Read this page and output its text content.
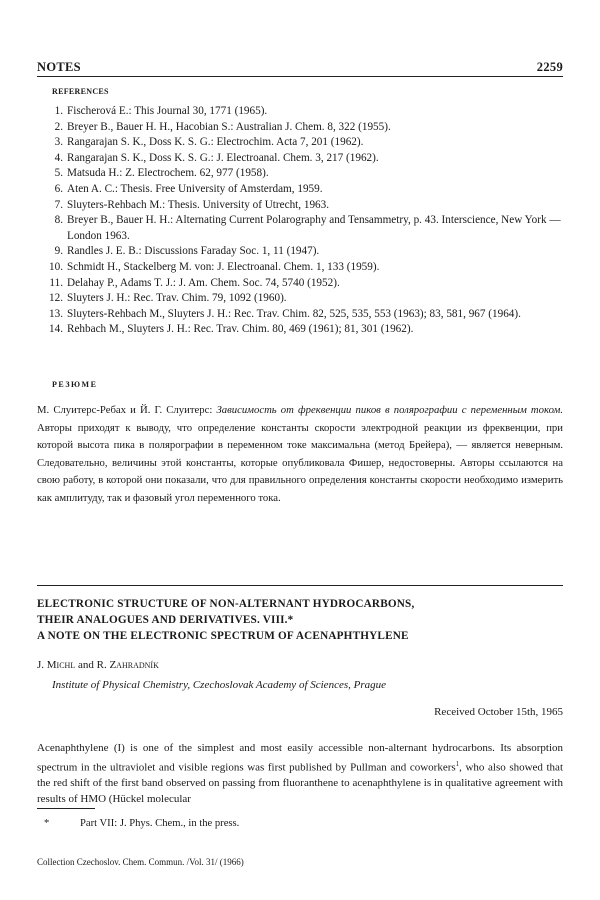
NOTES	2259
REFERENCES
1. Fischerová E.: This Journal 30, 1771 (1965).
2. Breyer B., Bauer H. H., Hacobian S.: Australian J. Chem. 8, 322 (1955).
3. Rangarajan S. K., Doss K. S. G.: Electrochim. Acta 7, 201 (1962).
4. Rangarajan S. K., Doss K. S. G.: J. Electroanal. Chem. 3, 217 (1962).
5. Matsuda H.: Z. Electrochem. 62, 977 (1958).
6. Aten A. C.: Thesis. Free University of Amsterdam, 1959.
7. Sluyters-Rehbach M.: Thesis. University of Utrecht, 1963.
8. Breyer B., Bauer H. H.: Alternating Current Polarography and Tensammetry, p. 43. Interscience, New York — London 1963.
9. Randles J. E. B.: Discussions Faraday Soc. 1, 11 (1947).
10. Schmidt H., Stackelberg M. von: J. Electroanal. Chem. 1, 133 (1959).
11. Delahay P., Adams T. J.: J. Am. Chem. Soc. 74, 5740 (1952).
12. Sluyters J. H.: Rec. Trav. Chim. 79, 1092 (1960).
13. Sluyters-Rehbach M., Sluyters J. H.: Rec. Trav. Chim. 82, 525, 535, 553 (1963); 83, 581, 967 (1964).
14. Rehbach M., Sluyters J. H.: Rec. Trav. Chim. 80, 469 (1961); 81, 301 (1962).
РЕЗЮМЕ

М. Слуитерс-Ребах и Й. Г. Слуитерс: Зависимость от фреквенции пиков в полярографии с переменным током. Авторы приходят к выводу, что определение константы скорости электродной реакции из фреквенции, при которой высота пика в полярографии в переменном токе максимальна (метод Брейера), — является неверным. Следовательно, величины этой константы, которые опубликовала Фишер, недостоверны. Авторы ссылаются на свою работу, в которой они показали, что для правильного определения константы скорости необходимо измерить как амплитуду, так и фазовый угол переменного тока.

ELECTRONIC STRUCTURE OF NON-ALTERNANT HYDROCARBONS,
THEIR ANALOGUES AND DERIVATIVES. VIII.*
A NOTE ON THE ELECTRONIC SPECTRUM OF ACENAPHTHYLENE
J. Michl and R. Zahradník
Institute of Physical Chemistry, Czechoslovak Academy of Sciences, Prague
Received October 15th, 1965

Acenaphthylene (I) is one of the simplest and most easily accessible non-alternant hydrocarbons. Its absorption spectrum in the ultraviolet and visible regions was first published by Pullman and coworkers$^1$, who also showed that the red shift of the first band observed on passing from fluoranthene to acenaphthylene is in qualitative agreement with results of HMO (Hückel molecular

*	Part VII: J. Phys. Chem., in the press.
Collection Czechoslov. Chem. Commun. /Vol. 31/ (1966)
